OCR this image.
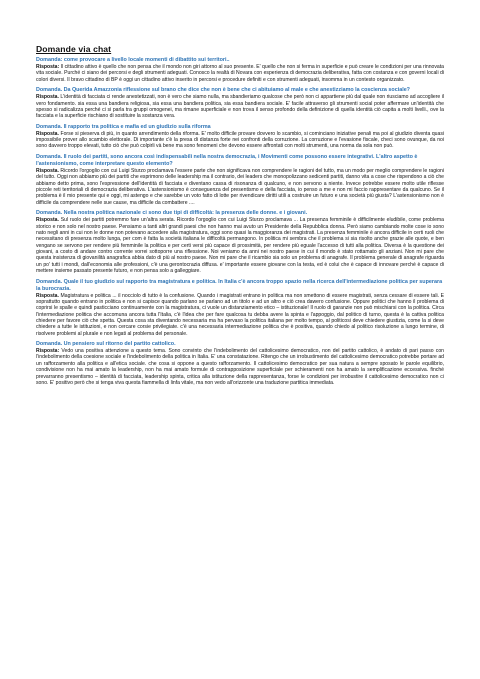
Domande via chat

Domanda: come provocare a livello locale momenti di dibattito sui territori..

Risposta: Il cittadino attivo è quello che non pensa che il mondo non giri attorno al suo presente. E' quello che non si ferma in superficie e può creare le condizioni per una rinnovata vita sociale. Purché ci siano dei percorsi e degli strumenti adeguati. Conosco la realtà di Novara con esperienza di democrazia deliberativa, fatta con costanza e con governi locali di colori diversi. Il bravo cittadino di BP è oggi un cittadino attivo inserito in percorsi e procedure definiti e con strumenti adeguati, insomma in un contesto organizzato.

Domanda. Da Querida Amazzonia riflessione sul brano che dice che non è bene che ci abituiamo al male e che anestizziamo la coscienza sociale?

Risposta. L'identità di facciata ci rende anestetizzati, non è vero che siamo nulla, ma sbandieriamo qualcose che però non ci appartiene più dal quale non riusciamo ad accogliere il vero fondamento. sia essa una bandiera religiosa, sia essa una bandiera politica, sia essa bandiera sociale. E' facile attraverso gli strumenti social poter affermare un'identità che spesso si radicalizza perché ci si parla tra gruppi omogenei, ma rimane superficiale e non trova il senso profondo della definizione di quella identità ciò capita a molti livelli., ove la facciata e la superficie rischiano di sostituire la sostanza vera.

Domanda. Il rapporto tra politica e mafia ed un giudizio sulla riforma

Risposta. Forse si pieserva di più, in quanto arrendimento della riforma. E' molto difficile provare dovvero lo scambio, si cominciano iniziative penali ma poi al giudizio diventa quasi impossibile prover allo scambio elettorale. Di importante c'è la presa di distanza forte nei confronti della corruzione. La corruzione e l'evasione fiscale, checi sono ovunque, da noi sono davvero troppo elevati, tutto ciò che può colpirli và bene ma sono fenomeni che devono essere affrontati con molti strumenti, una norma da sola non può.

Domanda. Il ruolo dei partiti, sono ancora così indispensabili nella nostra democrazia, i Movimenti come possono essere integrativi. L'altro aspetto è l'astensionismo, come interpretare questo elemento?

Risposta. Ricordo l'orgoglio con cui Luigi Sturzo proclamava l'essere parte che non significava non comprendere le ragioni del tutto, ma un modo per meglio comprendere le ragioni del tutto. Oggi non abbiamo più dei partiti che esprimono delle leadership ma il contrario, dei leaders che monopolizzano sedicenti partiti, danno vita a cose che rispendono a ciò che abbiamo detto prima, sono l'espressione dell'identità di facciata e diventano cassa di risonanza di qualcuno, e non servono a niente. Invece potrebbe essere molto utile riflesse piccole reti territoriali di democrazia deliberativa. L'astensionismo è conseguenza del presentismo e della facciata, io penso a me e non mi faccio rappresentare da qualcuno. Se il problema è il mio presente qui e oggi, mi astengo e che sarebbe un voto fatto di lotte per rivendicare diritti utili a costruire un futuro e una società più giusta? L'astensionismo non è difficile da comprendere nelle sue cause, ma difficile da combattere ....

Domanda. Nella nostra politica nazionale ci sono due tipi di difficoltà: la presenza delle donne. e i giovani.

Risposta. Sul ruolo dei partiti potremmo fare un'altra serata. Ricordo l'orgoglio con cui Luigi Sturzo proclamava ... La presenza femminile è difficilmente eludibile, come problema storico e non solo nel nostro paese. Pensiamo a tanti altri grandi paesi che non hanno mai avuto un Presidente della Repubblica donna. Però siamo cambiando molte cose io sono nato negli anni in cui non le donne non potevano accedere alla magistratura, oggi sono quasi la maggioranza dei magistrati. La presenza femminile è ancora difficile in certi ruoli che necessitano di presenza molto lunga, per com è fatta la società italiana le difficoltà permangono. In politica mi sembra che il problema si sia risolto anche grazie alle quote, e ben vengano se servono per rendere più femminile la politica e per certi versi più capace di prossimità, per rendere più eguale l'accesso di tutti alla politica. Diversa è la questione dei giovani, a costo di andare contro corrente vorrei sottoporre una riflessione. Noi veniamo da anni nei nostro paese in cui il mondo è stato rottamato gli anziani. Non mi pare che questa insistenza di giovanilità anagrafica abbia dato di più al nostro paese. Non mi pare che il ricambio sia solo un problema di anagrafe. Il problema generale di anagrafe riguarda un po' tutti i mondi, dall'economia alle professioni, c'è una gerontocrazia diffusa. e' importante essere giovane con la testa, ed è colui che è capace di innovare perché è capace di mettere insieme passato presente futuro, e non pensa solo a galleggiare.

Domanda. Quale il tuo giudizio sul rapporto tra magistratura e politica. In Italia c'è ancora troppo spazio nella ricerca dell'intermediazione politica per superara la burocrazia.

Risposta. Magistratura e politica ... il nocciolo di tutto è la confusione. Quando i magistrati entrano in politica ma non smettono di essere magistrati, senza cessare di essere tali. E soprattutto quando entrano in politica e non si capisce quando parlano se parlano ad un titolo e ad un altro e ciò crea dawero confusione. Oppure politici che hanno il problema di coprirsi le spalle e quindi pasticciano continuamente con la magistratura, ci vuole un distanziamento etico – istituzionale! Il ruolo di garanzie non può mischiarsi con la politica. Circa l'intermediazione politica che accomuna ancora tutta l'Italia, c'è l'idea che per fare qualcosa tu debba avere la spinta e l'appoggio, dal politico di turno, questa è la cattiva politica chiedere per favore ciò che spetta. Questa cosa sta diventando necessaria ma ha pervaso la politica italiana per molto tempo, al politicosi deve chiedere giustizia, come la si deve chiedere a tutte le istituzioni, e non cercare corsie privilegiate. c'è una necessaria intermediazione politica che è positiva, quando chiedo al politico risoluzione a lungo termine, di risolvere problemi al plurale e non legati al problema del personale.

Domanda. Un pensiero sul ritorno del partito cattolico.

Risposta: Vedo una positiva attenzione a questo tema. Sono convinto che l'indebolimento del cattolicesimo democratico, non del partito cattolico, è andato di pari passo con l'indebolimento della coesione sociale e l'indebolimento della politica in Italia. E' una constatazione. Ritengo che un irrobustimento del cattolicesimo democratico potrebbe portare ad un rafforzamento alla politica e all'etica sociale. che cosa si oppone a questo rafforzamento. Il cattolicesimo democratico per sua natura a sempre sposato le parole equilibrio, condivisione non ha mai amato la leadership, non ha mai amato formule di contrapposizione superficiale per schieramenti non ha amato la semplificazione eccessiva. finché prevarranno presentismo – identità di facciata, leadership spinta, critica alla istituzione della rappresentanza, forse le condizioni per irrobustire il cattolicesimo democratico non ci sono. E' positivo però che si tenga viva questa fiammella di linfa vitale, ma non vedo all'orizzonte una traduzione partitica immediata.
